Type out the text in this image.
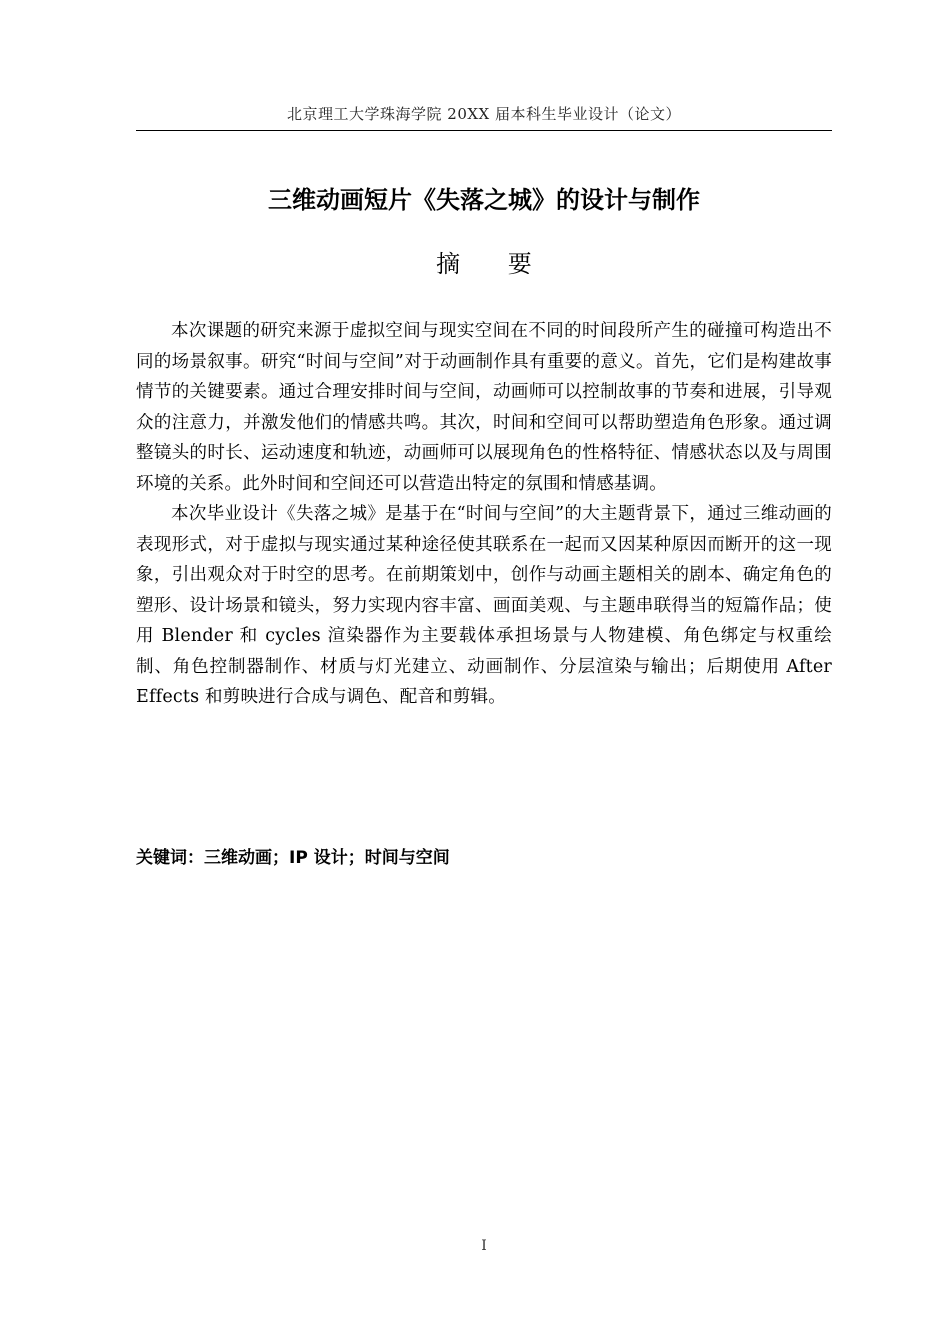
北京理工大学珠海学院 20XX 届本科生毕业设计（论文）
三维动画短片《失落之城》的设计与制作
摘 要

本次课题的研究来源于虚拟空间与现实空间在不同的时间段所产生的碰撞可构造出不同的场景叙事。研究“时间与空间”对于动画制作具有重要的意义。首先，它们是构建故事情节的关键要素。通过合理安排时间与空间，动画师可以控制故事的节奏和进展，引导观众的注意力，并激发他们的情感共鸣。其次，时间和空间可以帮助塑造角色形象。通过调整镜头的时长、运动速度和轨迹，动画师可以展现角色的性格特征、情感状态以及与周围环境的关系。此外时间和空间还可以营造出特定的氛围和情感基调。

本次毕业设计《失落之城》是基于在“时间与空间”的大主题背景下，通过三维动画的表现形式，对于虚拟与现实通过某种途径使其联系在一起而又因某种原因而断开的这一现象，引出观众对于时空的思考。在前期策划中，创作与动画主题相关的剧本、确定角色的塑形、设计场景和镜头，努力实现内容丰富、画面美观、与主题串联得当的短篇作品；使用 Blender 和 cycles 渲染器作为主要载体承担场景与人物建模、角色绑定与权重绘制、角色控制器制作、材质与灯光建立、动画制作、分层渲染与输出；后期使用 After Effects 和剪映进行合成与调色、配音和剪辑。

关键词：三维动画；IP 设计；时间与空间
I
